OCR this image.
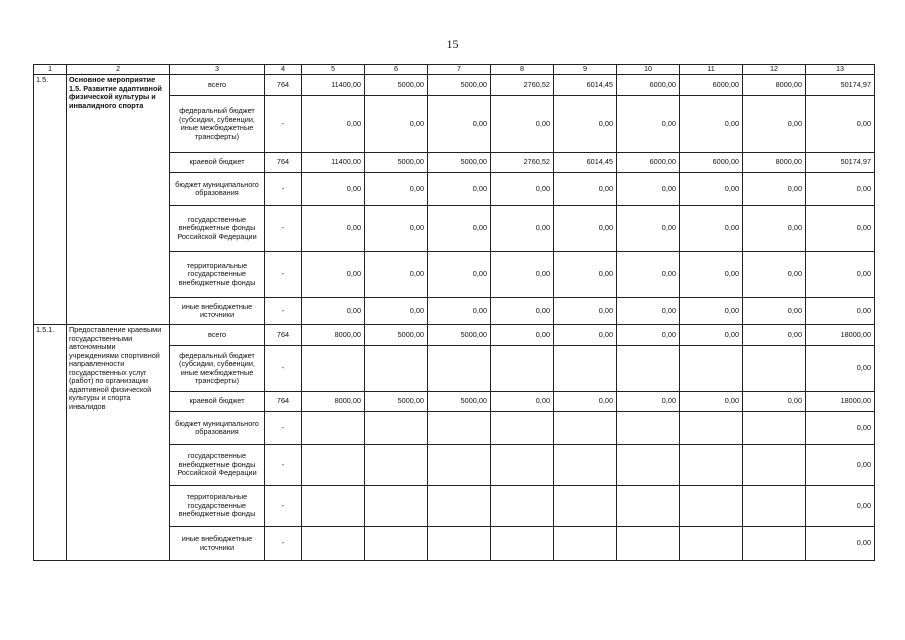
15
1	2	3	4	5	6	7	8	9	10	11	12	13
1.5.	Основное мероприятие 1.5. Развитие адаптивной физической культуры и инвалидного спорта	всего	764	11400,00	5000,00	5000,00	2760,52	6014,45	6000,00	6000,00	8000,00	50174,97
		федеральный бюджет (субсидии, субвенции, иные межбюджетные трансферты)	-	0,00	0,00	0,00	0,00	0,00	0,00	0,00	0,00	0,00
		краевой бюджет	764	11400,00	5000,00	5000,00	2760,52	6014,45	6000,00	6000,00	8000,00	50174,97
		бюджет муниципального образования	-	0,00	0,00	0,00	0,00	0,00	0,00	0,00	0,00	0,00
		государственные внебюджетные фонды Российской Федерации	-	0,00	0,00	0,00	0,00	0,00	0,00	0,00	0,00	0,00
		территориальные государственные внебюджетные фонды	-	0,00	0,00	0,00	0,00	0,00	0,00	0,00	0,00	0,00
		иные внебюджетные источники	-	0,00	0,00	0,00	0,00	0,00	0,00	0,00	0,00	0,00
1.5.1.	Предоставление краевыми государственными автономными учреждениями спортивной направленности государственных услуг (работ) по организации адаптивной физической культуры и спорта инвалидов	всего	764	8000,00	5000,00	5000,00	0,00	0,00	0,00	0,00	0,00	18000,00
		федеральный бюджет (субсидии, субвенции, иные межбюджетные трансферты)	-									0,00
		краевой бюджет	764	8000,00	5000,00	5000,00	0,00	0,00	0,00	0,00	0,00	18000,00
		бюджет муниципального образования	-									0,00
		государственные внебюджетные фонды Российской Федерации	-									0,00
		территориальные государственные внебюджетные фонды	-									0,00
		иные внебюджетные источники	-									0,00
